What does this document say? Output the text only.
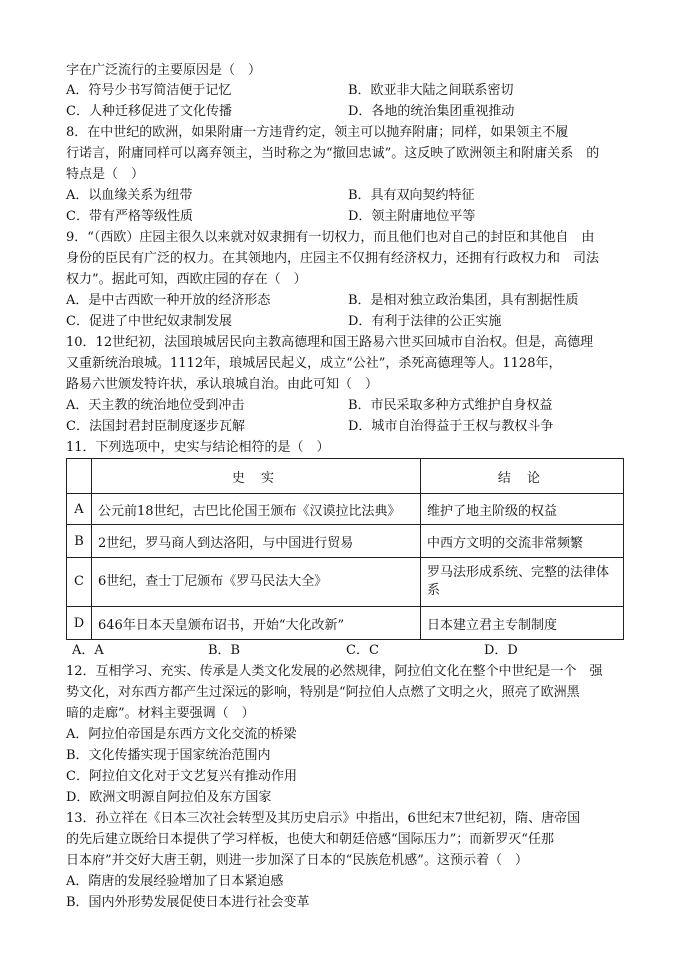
字在广泛流行的主要原因是（　）
A．符号少书写简洁便于记忆	B．欧亚非大陆之间联系密切
C．人种迁移促进了文化传播	D．各地的统治集团重视推动
8．在中世纪的欧洲，如果附庸一方违背约定，领主可以抛弃附庸；同样，如果领主不履
行诺言，附庸同样可以离弃领主，当时称之为“撤回忠诚”。这反映了欧洲领主和附庸关系　的
特点是（　）
A．以血缘关系为纽带	B．具有双向契约特征
C．带有严格等级性质	D．领主附庸地位平等
9．“（西欧）庄园主很久以来就对奴隶拥有一切权力，而且他们也对自己的封臣和其他自　由
身份的臣民有广泛的权力。在其领地内，庄园主不仅拥有经济权力，还拥有行政权力和　司法
权力”。据此可知，西欧庄园的存在（　）
A．是中古西欧一种开放的经济形态	B．是相对独立政治集团，具有割据性质
C．促进了中世纪奴隶制发展	D．有利于法律的公正实施
10．12世纪初，法国琅城居民向主教高德理和国王路易六世买回城市自治权。但是，高德理
又重新统治琅城。1112年，琅城居民起义，成立“公社”，杀死高德理等人。1128年，
路易六世颁发特许状，承认琅城自治。由此可知（　）
A．天主教的统治地位受到冲击	B．市民采取多种方式维护自身权益
C．法国封君封臣制度逐步瓦解	D．城市自治得益于王权与教权斗争
11．下列选项中，史实与结论相符的是（　）
	史 实	结 论
A	公元前18世纪，古巴比伦国王颁布《汉谟拉比法典》	维护了地主阶级的权益
B	2世纪，罗马商人到达洛阳，与中国进行贸易	中西方文明的交流非常频繁
C	6世纪，查士丁尼颁布《罗马民法大全》	罗马法形成系统、完整的法律体系
D	646年日本天皇颁布诏书，开始“大化改新”	日本建立君主专制制度
A．A	B．B	C．C	D．D
12．互相学习、充实、传承是人类文化发展的必然规律，阿拉伯文化在整个中世纪是一个　强
势文化，对东西方都产生过深远的影响，特别是“阿拉伯人点燃了文明之火，照亮了欧洲黑
暗的走廊”。材料主要强调（　）
A．阿拉伯帝国是东西方文化交流的桥梁
B．文化传播实现于国家统治范围内
C．阿拉伯文化对于文艺复兴有推动作用
D．欧洲文明源自阿拉伯及东方国家
13．孙立祥在《日本三次社会转型及其历史启示》中指出，6世纪末7世纪初，隋、唐帝国
的先后建立既给日本提供了学习样板，也使大和朝廷倍感“国际压力”；而新罗灭“任那
日本府”并交好大唐王朝，则进一步加深了日本的“民族危机感”。这预示着（　）
A．隋唐的发展经验增加了日本紧迫感
B．国内外形势发展促使日本进行社会变革
